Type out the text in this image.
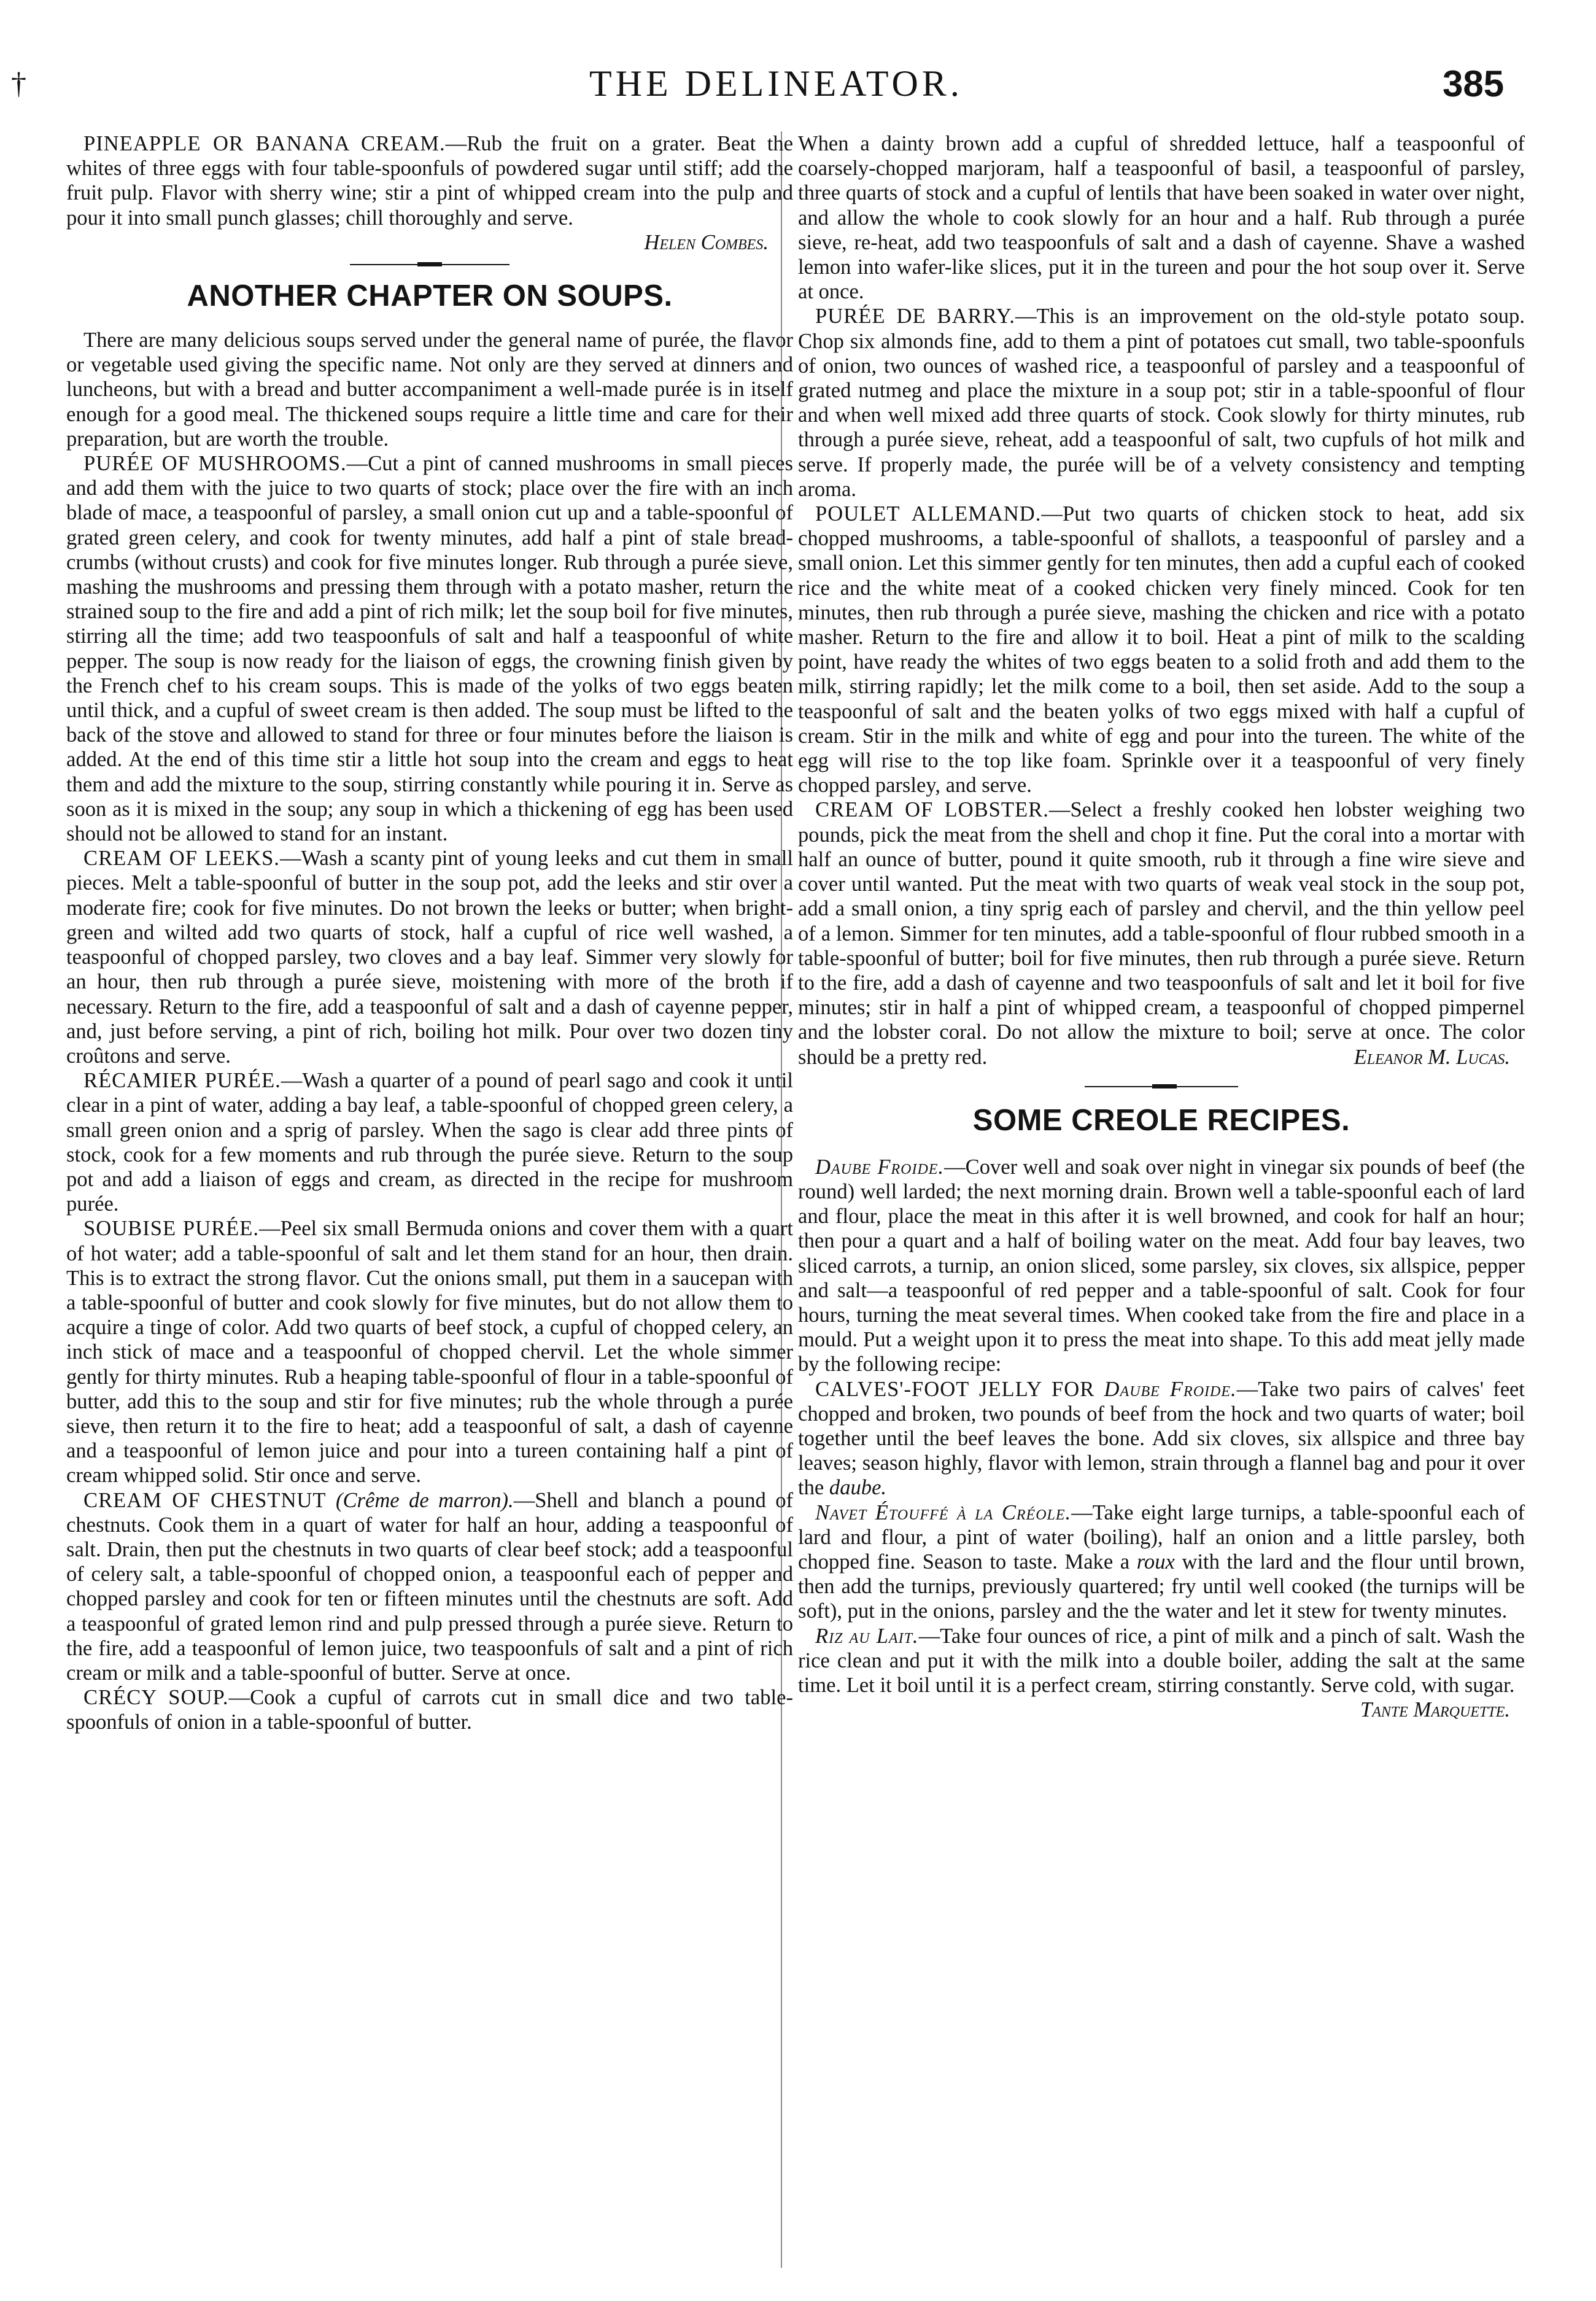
†	THE DELINEATOR.	385

PINEAPPLE OR BANANA CREAM.—Rub the fruit on a grater. Beat the whites of three eggs with four table-spoonfuls of powdered sugar until stiff; add the fruit pulp. Flavor with sherry wine; stir a pint of whipped cream into the pulp and pour it into small punch glasses; chill thoroughly and serve.

Helen Combes.

ANOTHER CHAPTER ON SOUPS.

There are many delicious soups served under the general name of purée, the flavor or vegetable used giving the specific name. Not only are they served at dinners and luncheons, but with a bread and butter accompaniment a well-made purée is in itself enough for a good meal. The thickened soups require a little time and care for their preparation, but are worth the trouble.

PURÉE OF MUSHROOMS.—Cut a pint of canned mushrooms in small pieces and add them with the juice to two quarts of stock; place over the fire with an inch blade of mace, a teaspoonful of parsley, a small onion cut up and a table-spoonful of grated green celery, and cook for twenty minutes, add half a pint of stale bread-crumbs (without crusts) and cook for five minutes longer. Rub through a purée sieve, mashing the mushrooms and pressing them through with a potato masher, return the strained soup to the fire and add a pint of rich milk; let the soup boil for five minutes, stirring all the time; add two teaspoonfuls of salt and half a teaspoonful of white pepper. The soup is now ready for the liaison of eggs, the crowning finish given by the French chef to his cream soups. This is made of the yolks of two eggs beaten until thick, and a cupful of sweet cream is then added. The soup must be lifted to the back of the stove and allowed to stand for three or four minutes before the liaison is added. At the end of this time stir a little hot soup into the cream and eggs to heat them and add the mixture to the soup, stirring constantly while pouring it in. Serve as soon as it is mixed in the soup; any soup in which a thickening of egg has been used should not be allowed to stand for an instant.

CREAM OF LEEKS.—Wash a scanty pint of young leeks and cut them in small pieces. Melt a table-spoonful of butter in the soup pot, add the leeks and stir over a moderate fire; cook for five minutes. Do not brown the leeks or butter; when bright-green and wilted add two quarts of stock, half a cupful of rice well washed, a teaspoonful of chopped parsley, two cloves and a bay leaf. Simmer very slowly for an hour, then rub through a purée sieve, moistening with more of the broth if necessary. Return to the fire, add a teaspoonful of salt and a dash of cayenne pepper, and, just before serving, a pint of rich, boiling hot milk. Pour over two dozen tiny croûtons and serve.

RÉCAMIER PURÉE.—Wash a quarter of a pound of pearl sago and cook it until clear in a pint of water, adding a bay leaf, a table-spoonful of chopped green celery, a small green onion and a sprig of parsley. When the sago is clear add three pints of stock, cook for a few moments and rub through the purée sieve. Return to the soup pot and add a liaison of eggs and cream, as directed in the recipe for mushroom purée.

SOUBISE PURÉE.—Peel six small Bermuda onions and cover them with a quart of hot water; add a table-spoonful of salt and let them stand for an hour, then drain. This is to extract the strong flavor. Cut the onions small, put them in a saucepan with a table-spoonful of butter and cook slowly for five minutes, but do not allow them to acquire a tinge of color. Add two quarts of beef stock, a cupful of chopped celery, an inch stick of mace and a teaspoonful of chopped chervil. Let the whole simmer gently for thirty minutes. Rub a heaping table-spoonful of flour in a table-spoonful of butter, add this to the soup and stir for five minutes; rub the whole through a purée sieve, then return it to the fire to heat; add a teaspoonful of salt, a dash of cayenne and a teaspoonful of lemon juice and pour into a tureen containing half a pint of cream whipped solid. Stir once and serve.

CREAM OF CHESTNUT (Crême de marron).—Shell and blanch a pound of chestnuts. Cook them in a quart of water for half an hour, adding a teaspoonful of salt. Drain, then put the chestnuts in two quarts of clear beef stock; add a teaspoonful of celery salt, a table-spoonful of chopped onion, a teaspoonful each of pepper and chopped parsley and cook for ten or fifteen minutes until the chestnuts are soft. Add a teaspoonful of grated lemon rind and pulp pressed through a purée sieve. Return to the fire, add a teaspoonful of lemon juice, two teaspoonfuls of salt and a pint of rich cream or milk and a table-spoonful of butter. Serve at once.

CRÉCY SOUP.—Cook a cupful of carrots cut in small dice and two table-spoonfuls of onion in a table-spoonful of butter.

When a dainty brown add a cupful of shredded lettuce, half a teaspoonful of coarsely-chopped marjoram, half a teaspoonful of basil, a teaspoonful of parsley, three quarts of stock and a cupful of lentils that have been soaked in water over night, and allow the whole to cook slowly for an hour and a half. Rub through a purée sieve, re-heat, add two teaspoonfuls of salt and a dash of cayenne. Shave a washed lemon into wafer-like slices, put it in the tureen and pour the hot soup over it. Serve at once.

PURÉE DE BARRY.—This is an improvement on the old-style potato soup. Chop six almonds fine, add to them a pint of potatoes cut small, two table-spoonfuls of onion, two ounces of washed rice, a teaspoonful of parsley and a teaspoonful of grated nutmeg and place the mixture in a soup pot; stir in a table-spoonful of flour and when well mixed add three quarts of stock. Cook slowly for thirty minutes, rub through a purée sieve, reheat, add a teaspoonful of salt, two cupfuls of hot milk and serve. If properly made, the purée will be of a velvety consistency and tempting aroma.

POULET ALLEMAND.—Put two quarts of chicken stock to heat, add six chopped mushrooms, a table-spoonful of shallots, a teaspoonful of parsley and a small onion. Let this simmer gently for ten minutes, then add a cupful each of cooked rice and the white meat of a cooked chicken very finely minced. Cook for ten minutes, then rub through a purée sieve, mashing the chicken and rice with a potato masher. Return to the fire and allow it to boil. Heat a pint of milk to the scalding point, have ready the whites of two eggs beaten to a solid froth and add them to the milk, stirring rapidly; let the milk come to a boil, then set aside. Add to the soup a teaspoonful of salt and the beaten yolks of two eggs mixed with half a cupful of cream. Stir in the milk and white of egg and pour into the tureen. The white of the egg will rise to the top like foam. Sprinkle over it a teaspoonful of very finely chopped parsley, and serve.

CREAM OF LOBSTER.—Select a freshly cooked hen lobster weighing two pounds, pick the meat from the shell and chop it fine. Put the coral into a mortar with half an ounce of butter, pound it quite smooth, rub it through a fine wire sieve and cover until wanted. Put the meat with two quarts of weak veal stock in the soup pot, add a small onion, a tiny sprig each of parsley and chervil, and the thin yellow peel of a lemon. Simmer for ten minutes, add a table-spoonful of flour rubbed smooth in a table-spoonful of butter; boil for five minutes, then rub through a purée sieve. Return to the fire, add a dash of cayenne and two teaspoonfuls of salt and let it boil for five minutes; stir in half a pint of whipped cream, a teaspoonful of chopped pimpernel and the lobster coral. Do not allow the mixture to boil; serve at once. The color should be a pretty red.	Eleanor M. Lucas.

SOME CREOLE RECIPES.

Daube Froide.—Cover well and soak over night in vinegar six pounds of beef (the round) well larded; the next morning drain. Brown well a table-spoonful each of lard and flour, place the meat in this after it is well browned, and cook for half an hour; then pour a quart and a half of boiling water on the meat. Add four bay leaves, two sliced carrots, a turnip, an onion sliced, some parsley, six cloves, six allspice, pepper and salt—a teaspoonful of red pepper and a table-spoonful of salt. Cook for four hours, turning the meat several times. When cooked take from the fire and place in a mould. Put a weight upon it to press the meat into shape. To this add meat jelly made by the following recipe:

CALVES'-FOOT JELLY FOR Daube Froide.—Take two pairs of calves' feet chopped and broken, two pounds of beef from the hock and two quarts of water; boil together until the beef leaves the bone. Add six cloves, six allspice and three bay leaves; season highly, flavor with lemon, strain through a flannel bag and pour it over the daube.

Navet Étouffé à la Créole.—Take eight large turnips, a table-spoonful each of lard and flour, a pint of water (boiling), half an onion and a little parsley, both chopped fine. Season to taste. Make a roux with the lard and the flour until brown, then add the turnips, previously quartered; fry until well cooked (the turnips will be soft), put in the onions, parsley and the the water and let it stew for twenty minutes.

Riz au Lait.—Take four ounces of rice, a pint of milk and a pinch of salt. Wash the rice clean and put it with the milk into a double boiler, adding the salt at the same time. Let it boil until it is a perfect cream, stirring constantly. Serve cold, with sugar.
Tante Marquette.
